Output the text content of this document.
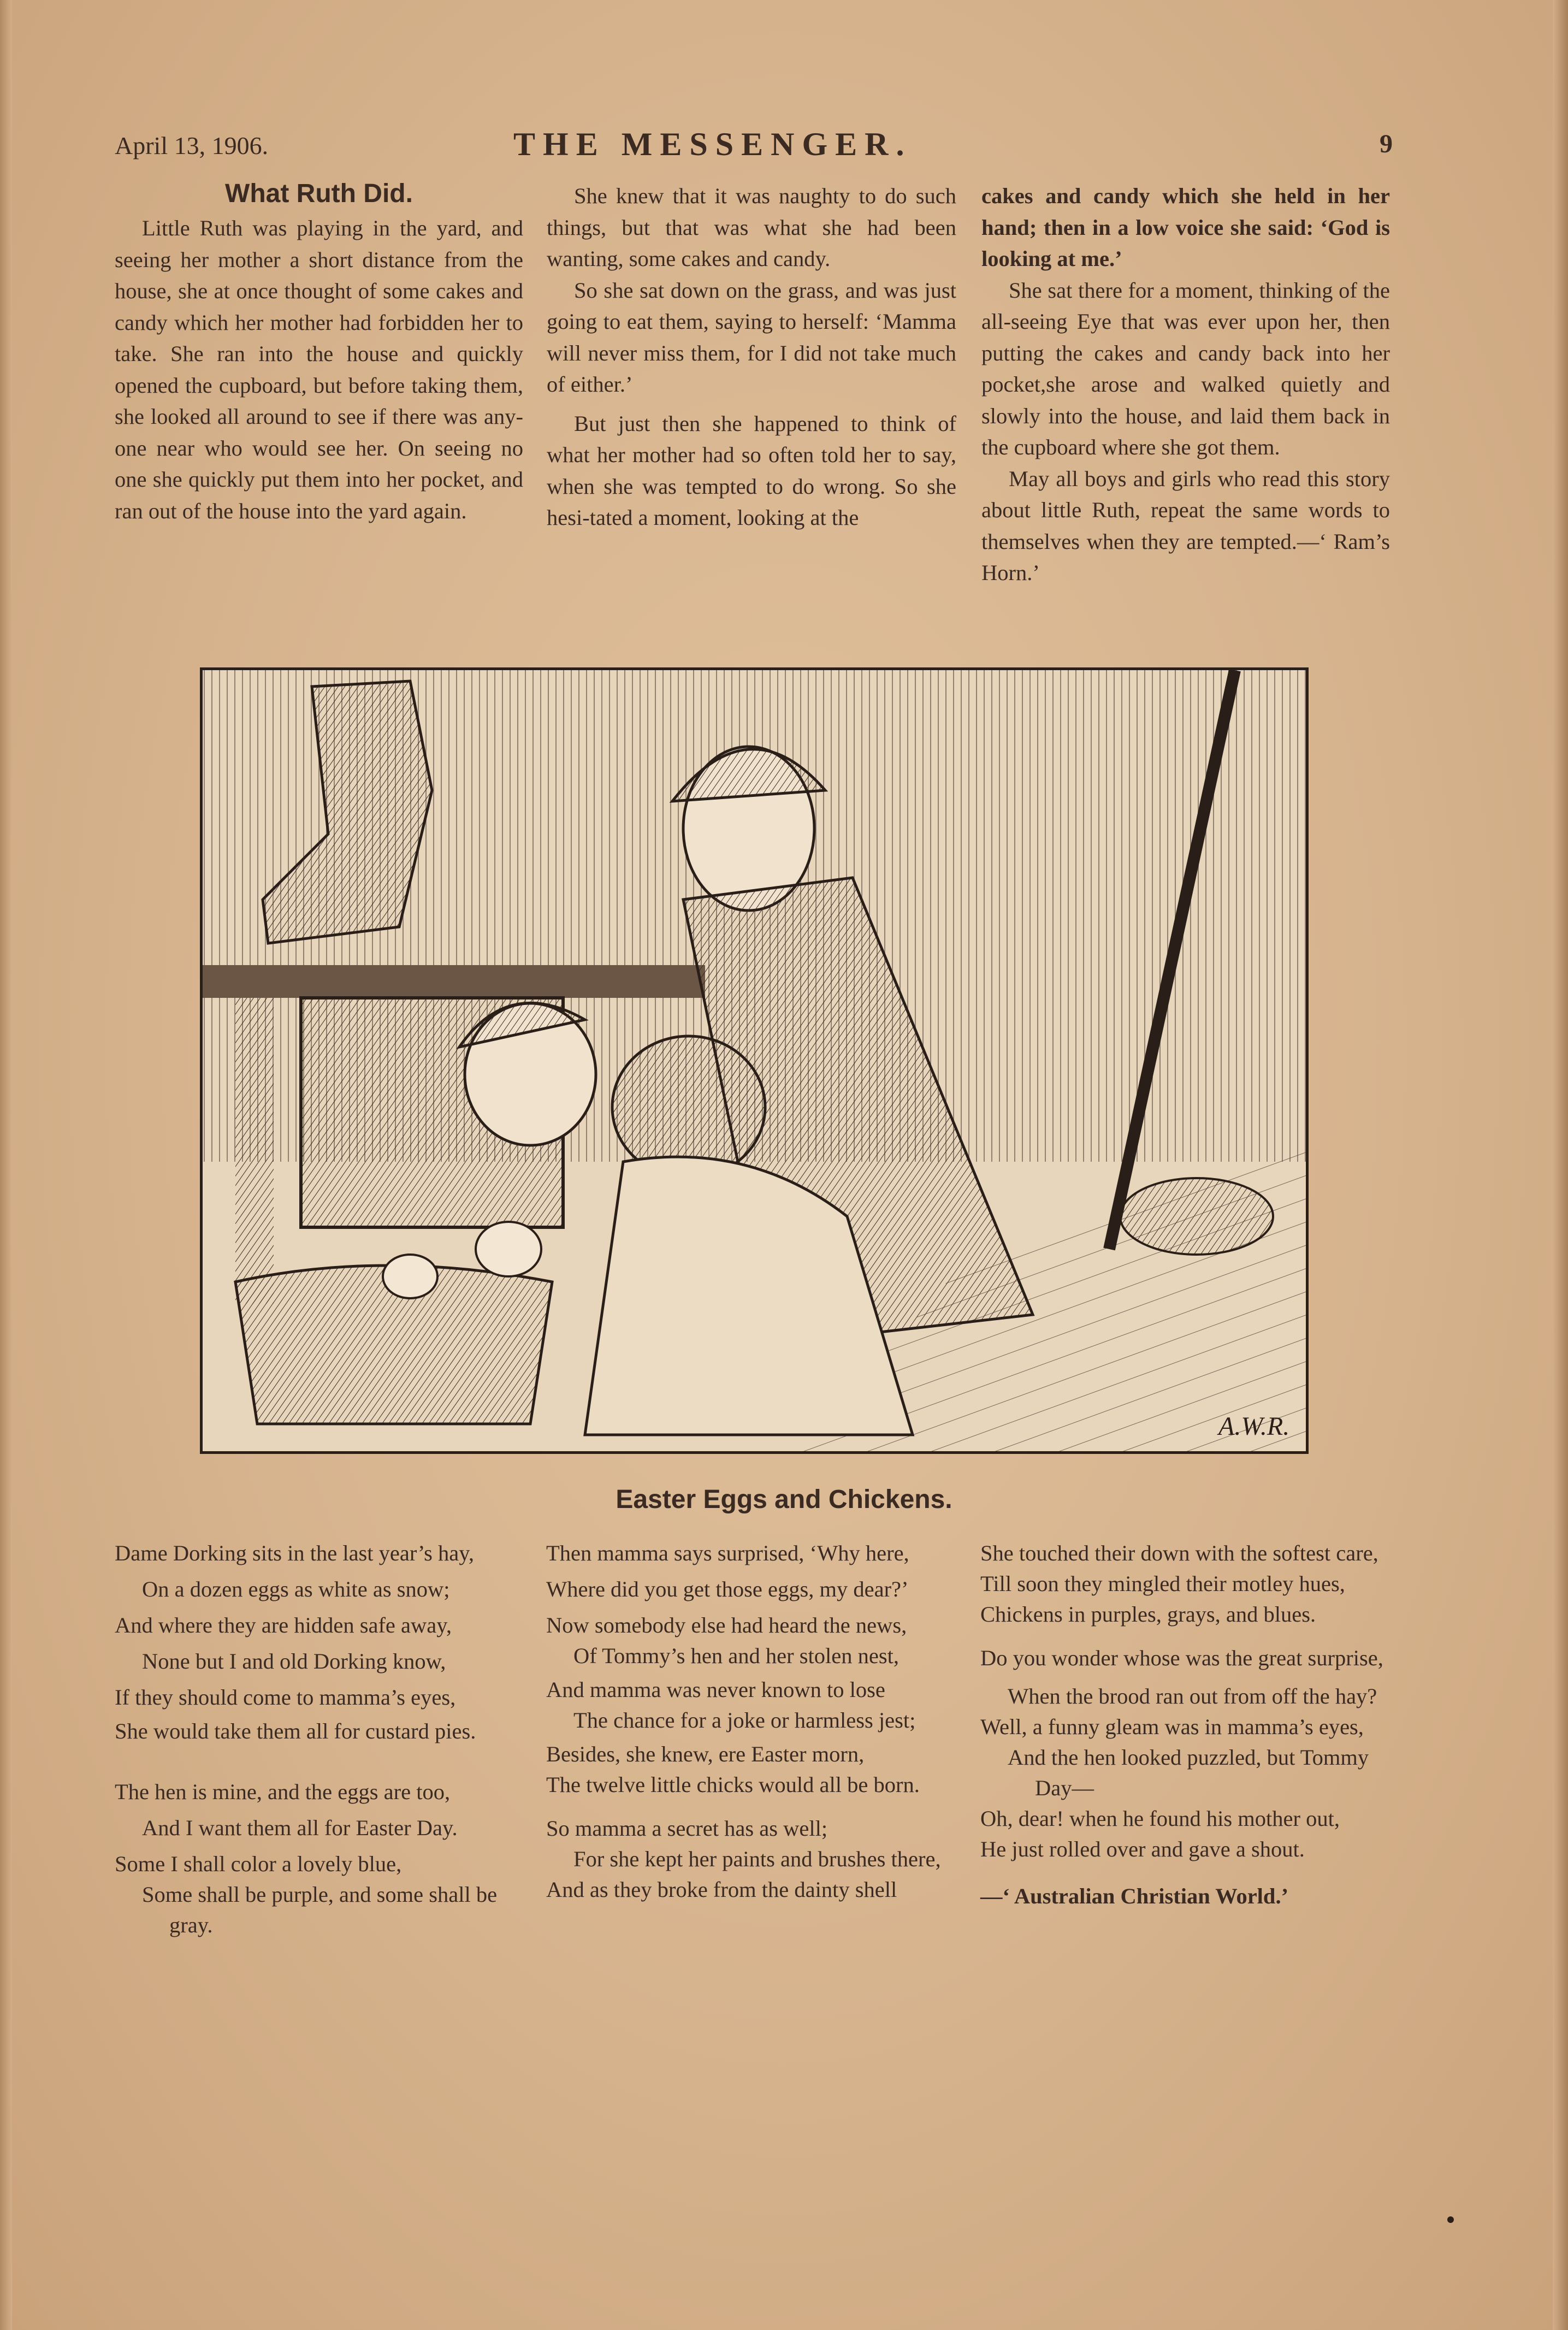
April 13, 1906.	THE MESSENGER.	9
What Ruth Did.

Little Ruth was playing in the yard, and seeing her mother a short distance from the house, she at once thought of some cakes and candy which her mother had forbidden her to take. She ran into the house and quickly opened the cupboard, but before taking them, she looked all around to see if there was any-one near who would see her. On seeing no one she quickly put them into her pocket, and ran out of the house into the yard again.

She knew that it was naughty to do such things, but that was what she had been wanting, some cakes and candy.

So she sat down on the grass, and was just going to eat them, saying to herself: ‘Mamma will never miss them, for I did not take much of either.’

But just then she happened to think of what her mother had so often told her to say, when she was tempted to do wrong. So she hesi-tated a moment, looking at the

cakes and candy which she held in her hand; then in a low voice she said: ‘God is looking at me.’

She sat there for a moment, thinking of the all-seeing Eye that was ever upon her, then putting the cakes and candy back into her pocket,she arose and walked quietly and slowly into the house, and laid them back in the cupboard where she got them.

May all boys and girls who read this story about little Ruth, repeat the same words to themselves when they are tempted.—‘ Ram’s Horn.’

A.W.R.
Easter Eggs and Chickens.

Dame Dorking sits in the last year’s hay,

On a dozen eggs as white as snow;

And where they are hidden safe away,

None but I and old Dorking know,

If they should come to mamma’s eyes,

She would take them all for custard pies.

The hen is mine, and the eggs are too,

And I want them all for Easter Day.

Some I shall color a lovely blue,

Some shall be purple, and some shall be gray.

Then mamma says surprised, ‘Why here,

Where did you get those eggs, my dear?’

Now somebody else had heard the news,

Of Tommy’s hen and her stolen nest,

And mamma was never known to lose

The chance for a joke or harmless jest;

Besides, she knew, ere Easter morn,

The twelve little chicks would all be born.

So mamma a secret has as well;

For she kept her paints and brushes there,

And as they broke from the dainty shell

She touched their down with the softest care,

Till soon they mingled their motley hues,

Chickens in purples, grays, and blues.

Do you wonder whose was the great surprise,

When the brood ran out from off the hay?

Well, a funny gleam was in mamma’s eyes,

And the hen looked puzzled, but Tommy Day—

Oh, dear! when he found his mother out,

He just rolled over and gave a shout.

—‘ Australian Christian World.’
